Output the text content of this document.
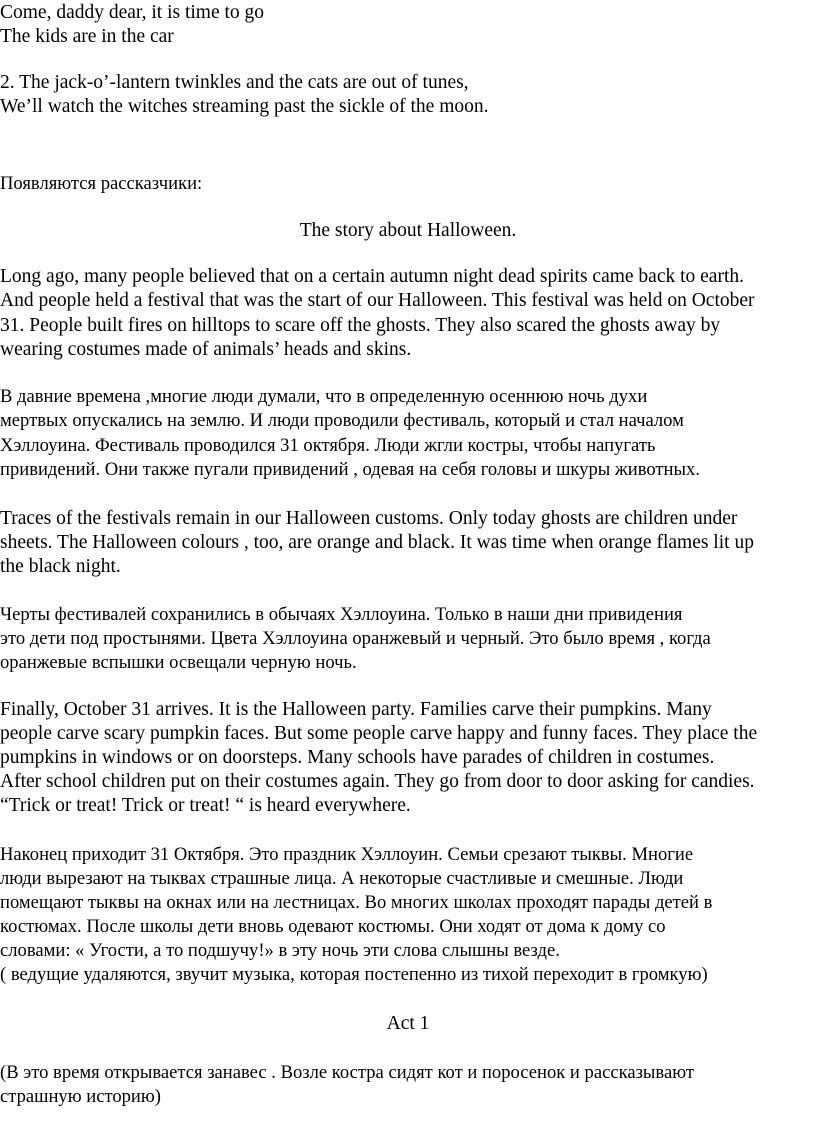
Come, daddy dear, it is time to go
The kids are in the car
2. The jack-o’-lantern twinkles and the cats are out of tunes,
We’ll watch the witches streaming past the sickle of the moon.
Появляются рассказчики:
The story about Halloween.
Long ago, many people believed that on a certain autumn night dead spirits came back to earth.
And people held a festival that was the start of our Halloween. This festival was held on October
31. People built fires on hilltops to scare off the ghosts. They also scared the ghosts away by
wearing costumes made of animals’ heads and skins.
В давние времена ,многие люди думали, что в определенную осеннюю ночь духи
мертвых опускались на землю. И люди проводили фестиваль, который и стал началом
Хэллоуина. Фестиваль проводился 31 октября. Люди жгли костры, чтобы напугать
привидений. Они также пугали привидений , одевая на себя головы и шкуры животных.
Traces of the festivals remain in our Halloween customs. Only today ghosts are children under
sheets. The Halloween colours , too, are orange and black. It was time when orange flames lit up
the black night.
Черты фестивалей сохранились в обычаях Хэллоуина. Только в наши дни привидения
это дети под простынями. Цвета Хэллоуина оранжевый и черный. Это было время , когда
оранжевые вспышки освещали черную ночь.
Finally, October 31 arrives. It is the Halloween party. Families carve their pumpkins. Many
people carve scary pumpkin faces. But some people carve happy and funny faces. They place the
pumpkins in windows or on doorsteps. Many schools have parades of children in costumes.
After school children put on their costumes again. They go from door to door asking for candies.
“Trick or treat! Trick or treat! “ is heard everywhere.
Наконец приходит 31 Октября. Это праздник Хэллоуин. Семьи срезают тыквы. Многие
люди вырезают на тыквах страшные лица. А некоторые счастливые и смешные. Люди
помещают тыквы на окнах или на лестницах. Во многих школах проходят парады детей в
костюмах. После школы дети вновь одевают костюмы. Они ходят от дома к дому со
словами: « Угости, а то подшучу!» в эту ночь эти слова слышны везде.
( ведущие удаляются, звучит музыка, которая постепенно из тихой переходит в громкую)
Act 1
(В это время открывается занавес . Возле костра сидят кот и поросенок и рассказывают
страшную историю)
